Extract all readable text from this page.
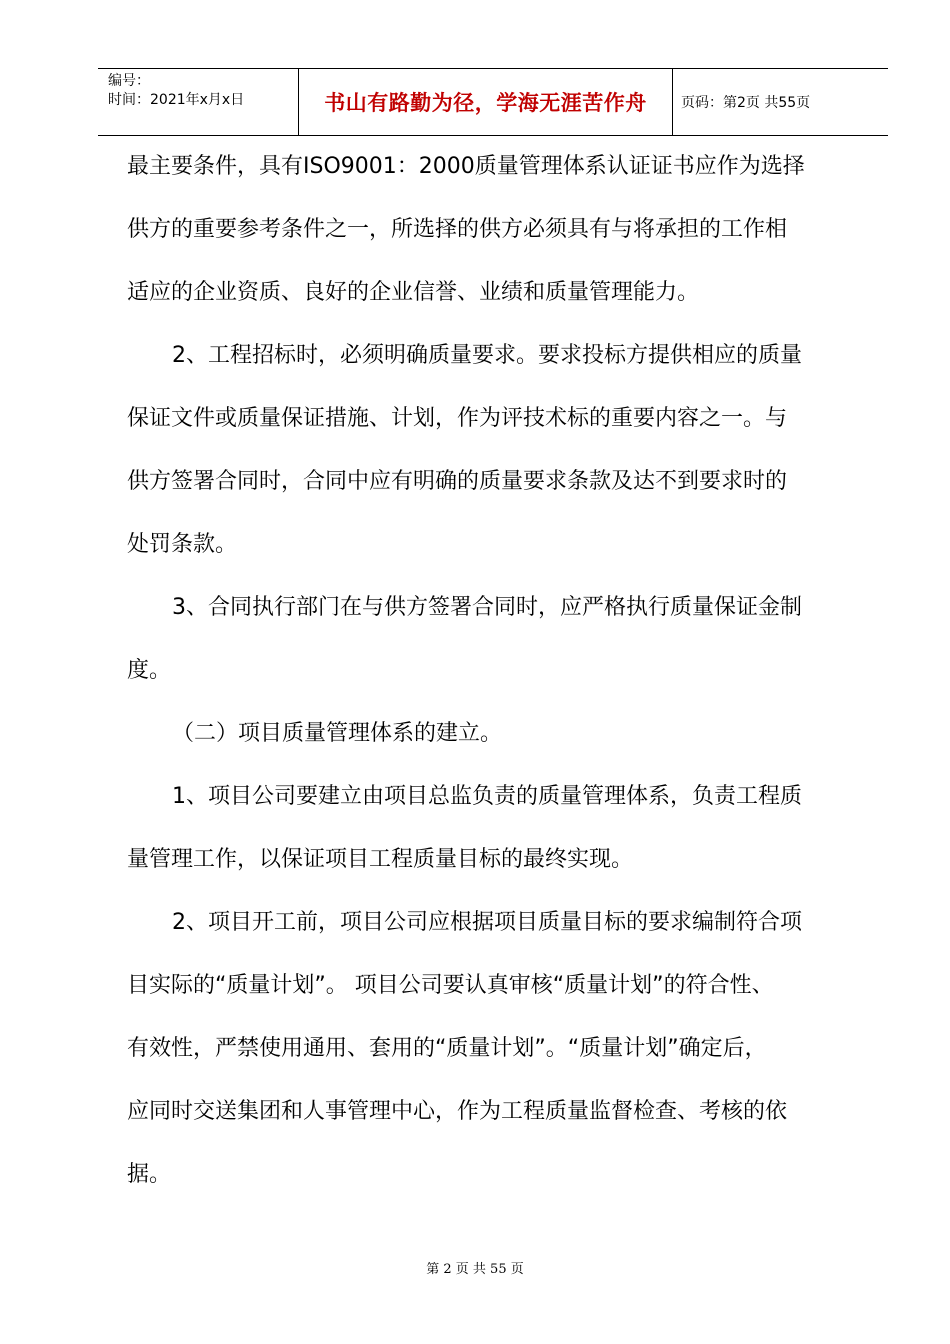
编号：
时间：2021年x月x日	书山有路勤为径，学海无涯苦作舟	页码：第2页 共55页
最主要条件，具有ISO9001：2000质量管理体系认证证书应作为选择
供方的重要参考条件之一，所选择的供方必须具有与将承担的工作相
适应的企业资质、良好的企业信誉、业绩和质量管理能力。
2、工程招标时，必须明确质量要求。要求投标方提供相应的质量
保证文件或质量保证措施、计划，作为评技术标的重要内容之一。与
供方签署合同时，合同中应有明确的质量要求条款及达不到要求时的
处罚条款。
3、合同执行部门在与供方签署合同时，应严格执行质量保证金制
度。
（二）项目质量管理体系的建立。
1、项目公司要建立由项目总监负责的质量管理体系，负责工程质
量管理工作，以保证项目工程质量目标的最终实现。
2、项目开工前，项目公司应根据项目质量目标的要求编制符合项
目实际的“质量计划”。 项目公司要认真审核“质量计划”的符合性、
有效性，严禁使用通用、套用的“质量计划”。“质量计划”确定后，
应同时交送集团和人事管理中心，作为工程质量监督检查、考核的依
据。
第 2 页 共 55 页
